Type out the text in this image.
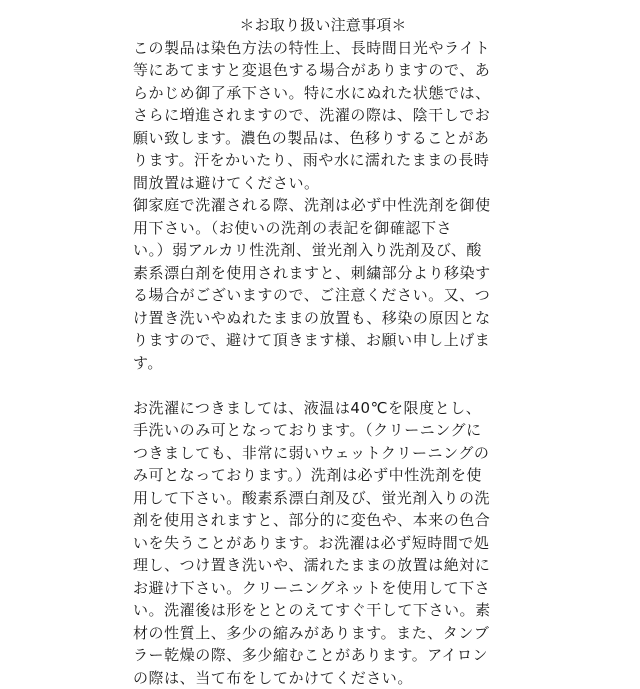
＊お取り扱い注意事項＊
この製品は染色方法の特性上、長時間日光やライト
等にあてますと変退色する場合がありますので、あ
らかじめ御了承下さい。特に水にぬれた状態では、
さらに増進されますので、洗濯の際は、陰干しでお
願い致します。濃色の製品は、色移りすることがあ
ります。汗をかいたり、雨や水に濡れたままの長時
間放置は避けてください。
御家庭で洗濯される際、洗剤は必ず中性洗剤を御使
用下さい。（お使いの洗剤の表記を御確認下さ
い。）弱アルカリ性洗剤、蛍光剤入り洗剤及び、酸
素系漂白剤を使用されますと、刺繍部分より移染す
る場合がございますので、ご注意ください。又、つ
け置き洗いやぬれたままの放置も、移染の原因とな
りますので、避けて頂きます様、お願い申し上げま
す。
お洗濯につきましては、液温は40℃を限度とし、
手洗いのみ可となっております。（クリーニングに
つきましても、非常に弱いウェットクリーニングの
み可となっております。）洗剤は必ず中性洗剤を使
用して下さい。酸素系漂白剤及び、蛍光剤入りの洗
剤を使用されますと、部分的に変色や、本来の色合
いを失うことがあります。お洗濯は必ず短時間で処
理し、つけ置き洗いや、濡れたままの放置は絶対に
お避け下さい。クリーニングネットを使用して下さ
い。洗濯後は形をととのえてすぐ干して下さい。素
材の性質上、多少の縮みがあります。また、タンブ
ラー乾燥の際、多少縮むことがあります。アイロン
の際は、当て布をしてかけてください。
